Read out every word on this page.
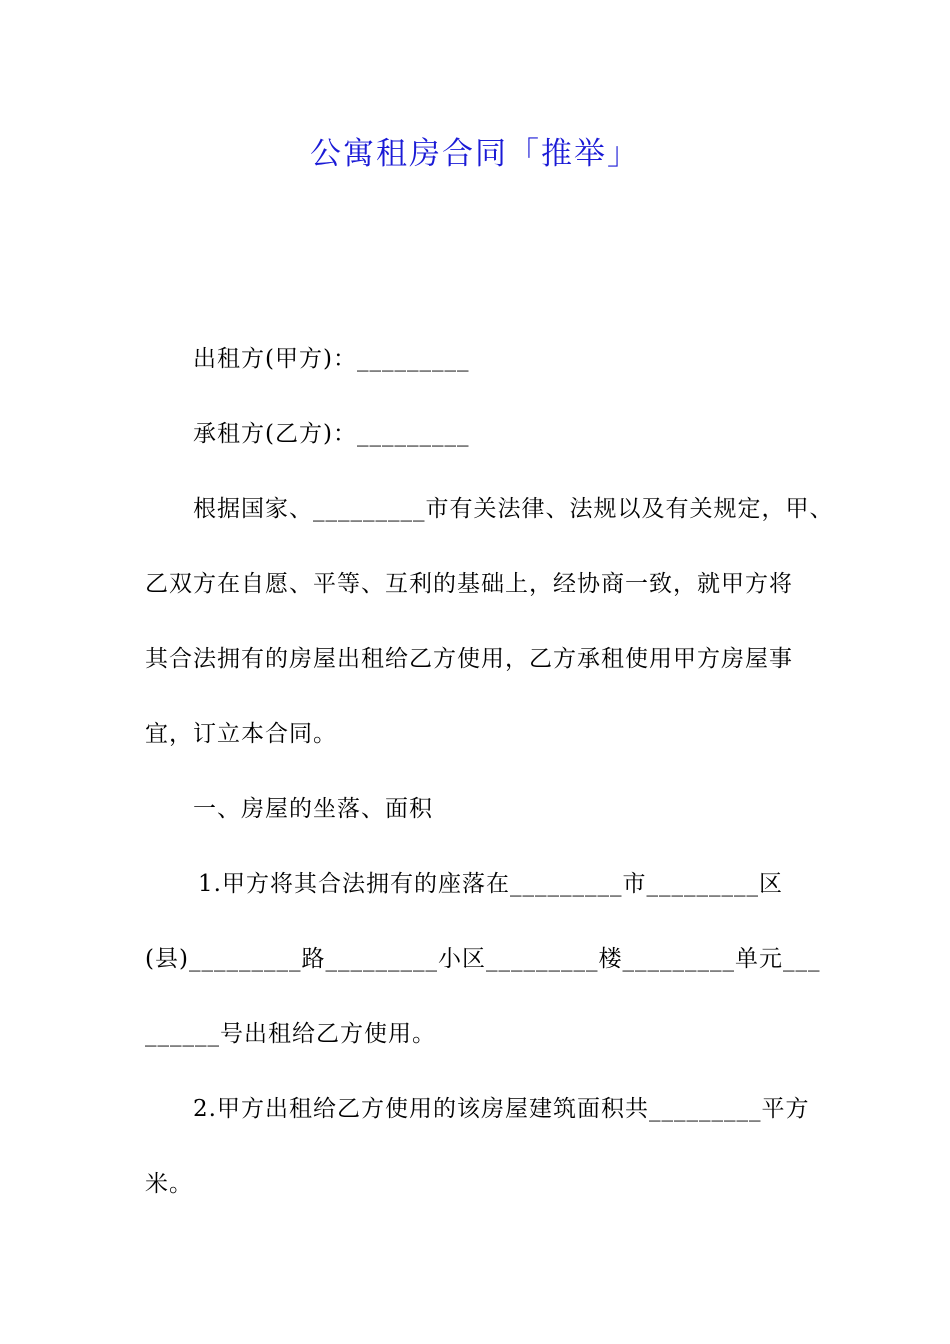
公寓租房合同「推举」
出租方(甲方)：_________
承租方(乙方)：_________
根据国家、_________市有关法律、法规以及有关规定，甲、
乙双方在自愿、平等、互利的基础上，经协商一致，就甲方将
其合法拥有的房屋出租给乙方使用，乙方承租使用甲方房屋事
宜，订立本合同。
一、房屋的坐落、面积
1.甲方将其合法拥有的座落在_________市_________区
(县)_________路_________小区_________楼_________单元___
______号出租给乙方使用。
2.甲方出租给乙方使用的该房屋建筑面积共_________平方
米。
